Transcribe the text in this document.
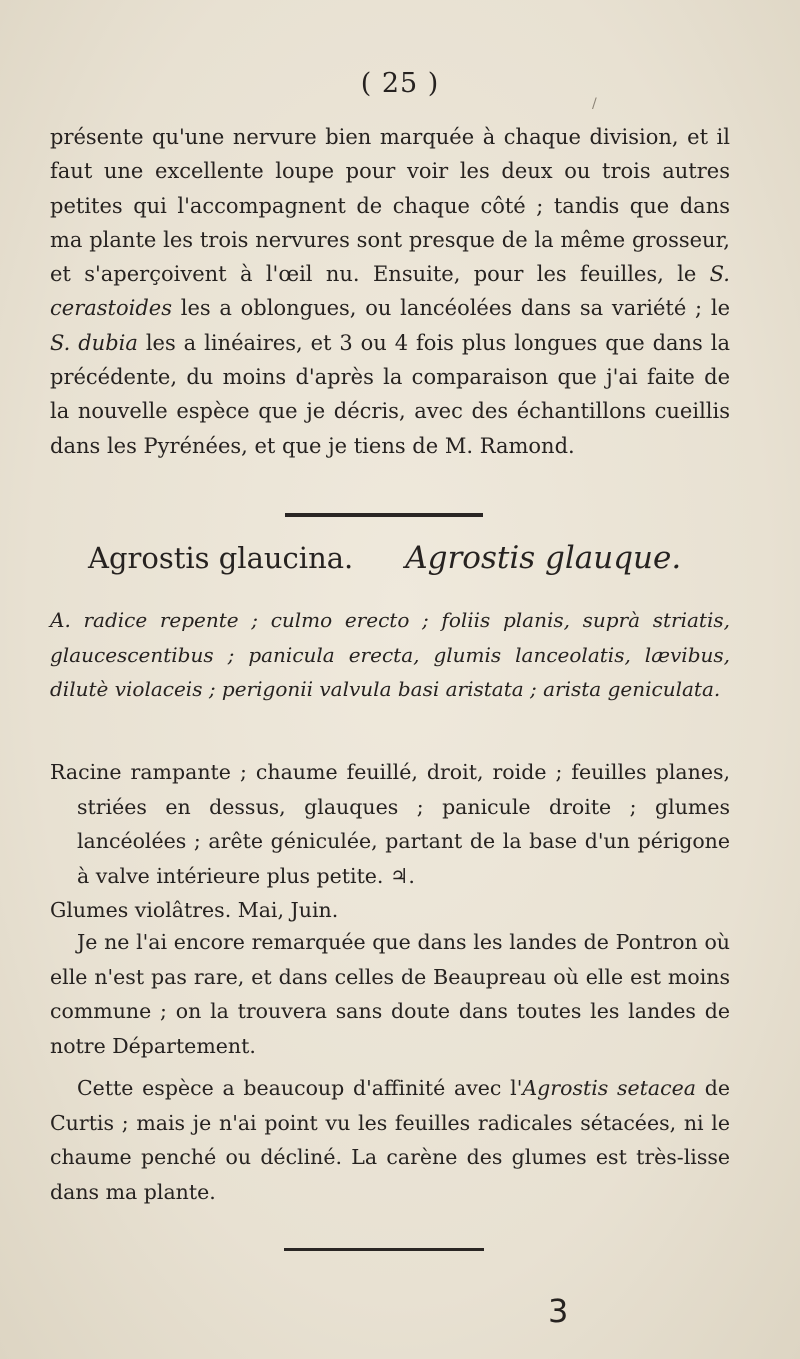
( 25 )
/

présente qu'une nervure bien marquée à chaque division, et il faut une excellente loupe pour voir les deux ou trois autres petites qui l'accompagnent de chaque côté ; tandis que dans ma plante les trois nervures sont presque de la même grosseur, et s'aperçoivent à l'œil nu. Ensuite, pour les feuilles, le S. cerastoides les a oblongues, ou lancéolées dans sa variété ; le S. dubia les a linéaires, et 3 ou 4 fois plus longues que dans la précédente, du moins d'après la comparaison que j'ai faite de la nouvelle espèce que je décris, avec des échantillons cueillis dans les Pyrénées, et que je tiens de M. Ramond.

Agrostis glaucina. Agrostis glauque.
A. radice repente ; culmo erecto ; foliis planis, suprà striatis, glaucescentibus ; panicula erecta, glumis lanceolatis, lævibus, dilutè violaceis ; perigonii valvula basi aristata ; arista geniculata.

Racine rampante ; chaume feuillé, droit, roide ; feuilles planes, striées en dessus, glauques ; panicule droite ; glumes lancéolées ; arête géniculée, partant de la base d'un périgone à valve intérieure plus petite. ♃.

Glumes violâtres. Mai, Juin.

Je ne l'ai encore remarquée que dans les landes de Pontron où elle n'est pas rare, et dans celles de Beaupreau où elle est moins commune ; on la trouvera sans doute dans toutes les landes de notre Département.

Cette espèce a beaucoup d'affinité avec l'Agrostis setacea de Curtis ; mais je n'ai point vu les feuilles radicales sétacées, ni le chaume penché ou décliné. La carène des glumes est très-lisse dans ma plante.

3
